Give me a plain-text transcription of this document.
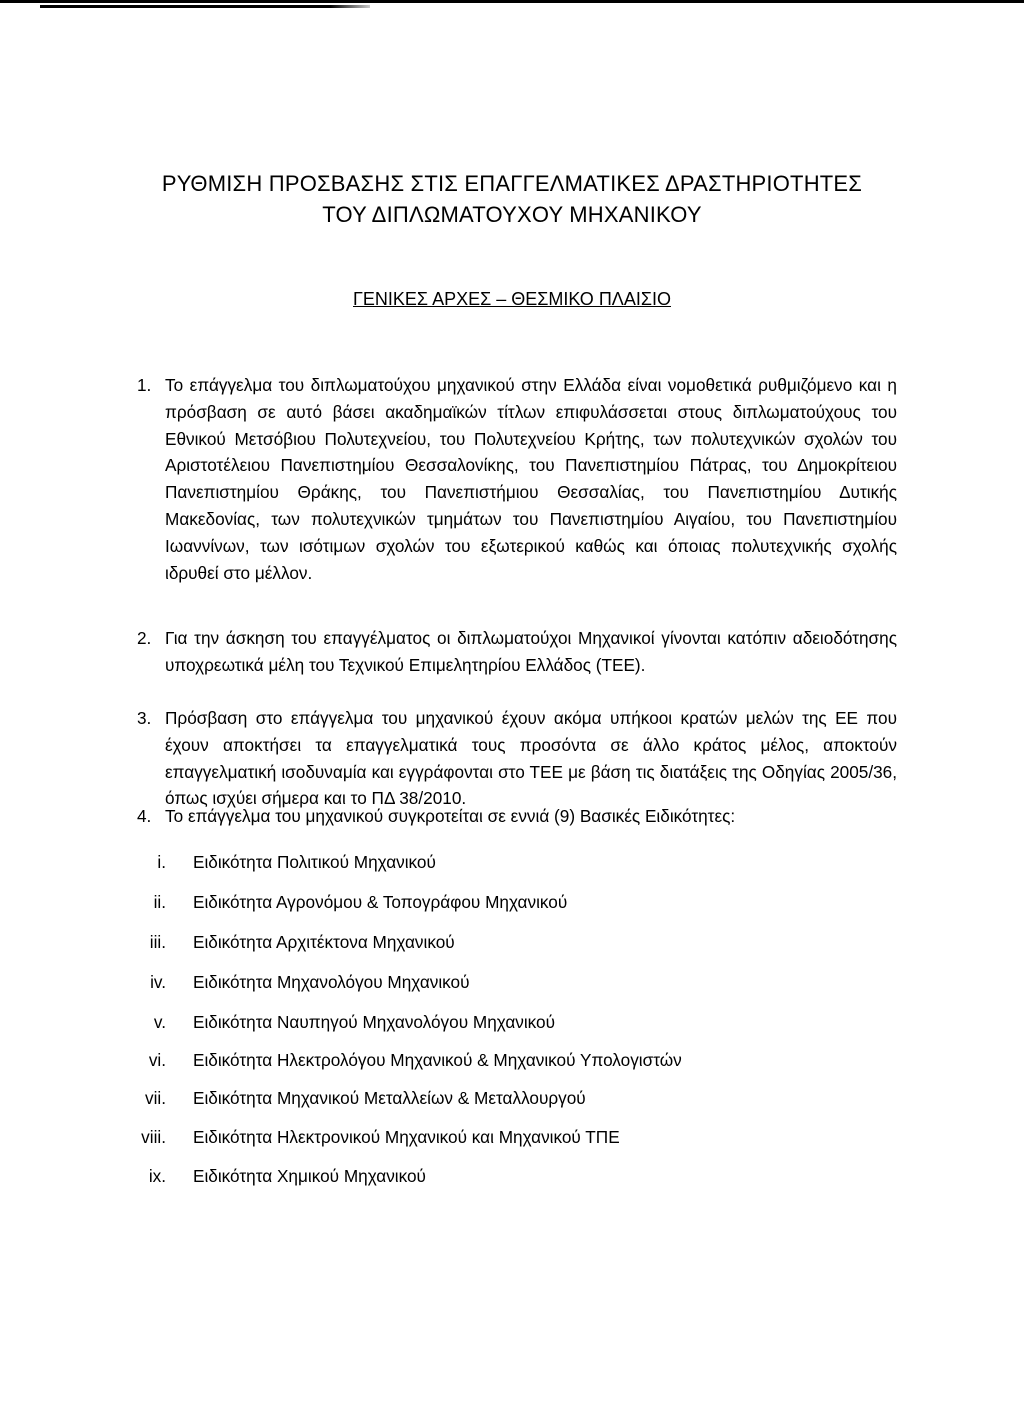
ΡΥΘΜΙΣΗ ΠΡΟΣΒΑΣΗΣ ΣΤΙΣ ΕΠΑΓΓΕΛΜΑΤΙΚΕΣ ΔΡΑΣΤΗΡΙΟΤΗΤΕΣ
ΤΟΥ ΔΙΠΛΩΜΑΤΟΥΧΟΥ ΜΗΧΑΝΙΚΟΥ
ΓΕΝΙΚΕΣ ΑΡΧΕΣ – ΘΕΣΜΙΚΟ ΠΛΑΙΣΙΟ
1. Το επάγγελμα του διπλωματούχου μηχανικού στην Ελλάδα είναι νομοθετικά ρυθμιζόμενο και η πρόσβαση σε αυτό βάσει ακαδημαϊκών τίτλων επιφυλάσσεται στους διπλωματούχους του Εθνικού Μετσόβιου Πολυτεχνείου, του Πολυτεχνείου Κρήτης, των πολυτεχνικών σχολών του Αριστοτέλειου Πανεπιστημίου Θεσσαλονίκης, του Πανεπιστημίου Πάτρας, του Δημοκρίτειου Πανεπιστημίου Θράκης, του Πανεπιστήμιου Θεσσαλίας, του Πανεπιστημίου Δυτικής Μακεδονίας, των πολυτεχνικών τμημάτων του Πανεπιστημίου Αιγαίου, του Πανεπιστημίου Ιωαννίνων, των ισότιμων σχολών του εξωτερικού καθώς και όποιας πολυτεχνικής σχολής ιδρυθεί στο μέλλον.
2. Για την άσκηση του επαγγέλματος οι διπλωματούχοι Μηχανικοί γίνονται κατόπιν αδειοδότησης υποχρεωτικά μέλη του Τεχνικού Επιμελητηρίου Ελλάδος (ΤΕΕ).
3. Πρόσβαση στο επάγγελμα του μηχανικού έχουν ακόμα υπήκοοι κρατών μελών της ΕΕ που έχουν αποκτήσει τα επαγγελματικά τους προσόντα σε άλλο κράτος μέλος, αποκτούν επαγγελματική ισοδυναμία και εγγράφονται στο ΤΕΕ με βάση τις διατάξεις της Οδηγίας 2005/36, όπως ισχύει σήμερα και το ΠΔ 38/2010.
4. Το επάγγελμα του μηχανικού συγκροτείται σε εννιά (9) Βασικές Ειδικότητες:
i. Ειδικότητα Πολιτικού Μηχανικού
ii. Ειδικότητα Αγρονόμου & Τοπογράφου Μηχανικού
iii. Ειδικότητα Αρχιτέκτονα Μηχανικού
iv. Ειδικότητα Μηχανολόγου Μηχανικού
v. Ειδικότητα Ναυπηγού Μηχανολόγου Μηχανικού
vi. Ειδικότητα Ηλεκτρολόγου Μηχανικού & Μηχανικού Υπολογιστών
vii. Ειδικότητα Μηχανικού Μεταλλείων & Μεταλλουργού
viii. Ειδικότητα Ηλεκτρονικού Μηχανικού και Μηχανικού ΤΠΕ
ix. Ειδικότητα Χημικού Μηχανικού
